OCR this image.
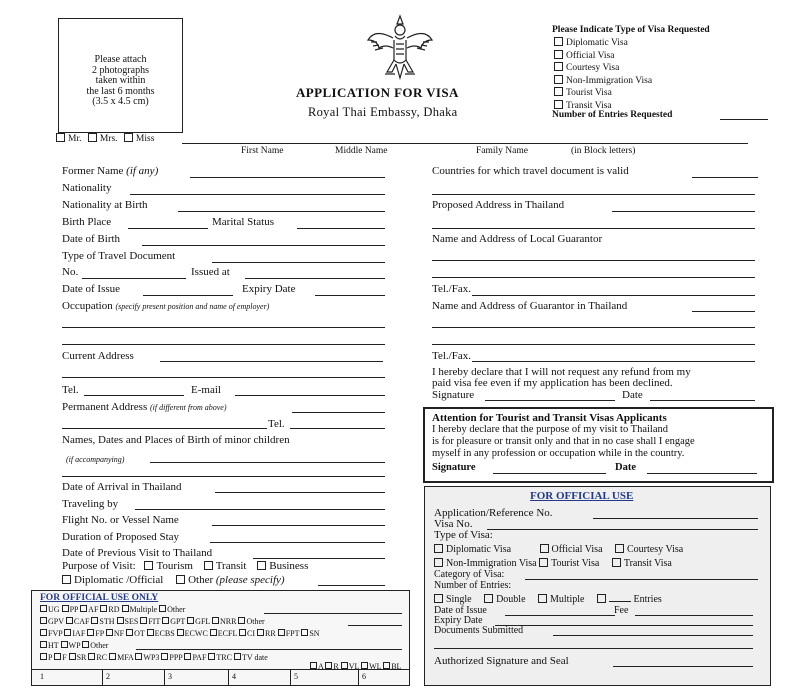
Please attach
2 photographs
taken within
the last 6 months
(3.5 x 4.5 cm)
APPLICATION FOR VISA
Royal Thai Embassy, Dhaka
Please Indicate Type of Visa Requested
Diplomatic Visa
Official Visa
Courtesy Visa
Non-Immigration Visa
Tourist Visa
Transit Visa
Number of Entries Requested
Mr. Mrs. Miss
First Name	Middle Name	Family Name	(in Block letters)
Former Name (if any)
Nationality
Nationality at Birth
Birth Place	Marital Status
Date of Birth
Type of Travel Document
No.	Issued at
Date of Issue	Expiry Date
Occupation (specify present position and name of employer)
Current Address
Tel.	E-mail
Permanent Address (if different from above)
Tel.
Names, Dates and Places of Birth of minor children
(if accompanying)
Date of Arrival in Thailand
Traveling by
Flight No. or Vessel Name
Duration of Proposed Stay
Date of Previous Visit to Thailand
Purpose of Visit: Tourism Transit Business
Diplomatic /Official Other (please specify)
FOR OFFICIAL USE ONLY
UG PP AF RD Multiple Other
GPV CAF STH SES FIT GPT GFL NRR Other
FVP IAF FP NF OT ECBS ECWC ECFL CI RR FPT SN
HT WP Other
P F SR RC MFA WP3 PPP PAF TRC TV date
A R VL WL BL
1	2	3	4	5	6
Countries for which travel document is valid
Proposed Address in Thailand
Name and Address of Local Guarantor
Tel./Fax.
Name and Address of Guarantor in Thailand
Tel./Fax.
I hereby declare that I will not request any refund from my
paid visa fee even if my application has been declined.
Signature	Date
Attention for Tourist and Transit Visas Applicants
I hereby declare that the purpose of my visit to Thailand
is for pleasure or transit only and that in no case shall I engage
myself in any profession or occupation while in the country.
Signature	Date
FOR OFFICIAL USE
Application/Reference No.
Visa No.
Type of Visa:
Diplomatic Visa	Official Visa Courtesy Visa
Non-Immigration Visa Tourist Visa Transit Visa
Category of Visa:
Number of Entries:
Single Double Multiple	Entries
Date of Issue	Fee
Expiry Date
Documents Submitted
Authorized Signature and Seal
